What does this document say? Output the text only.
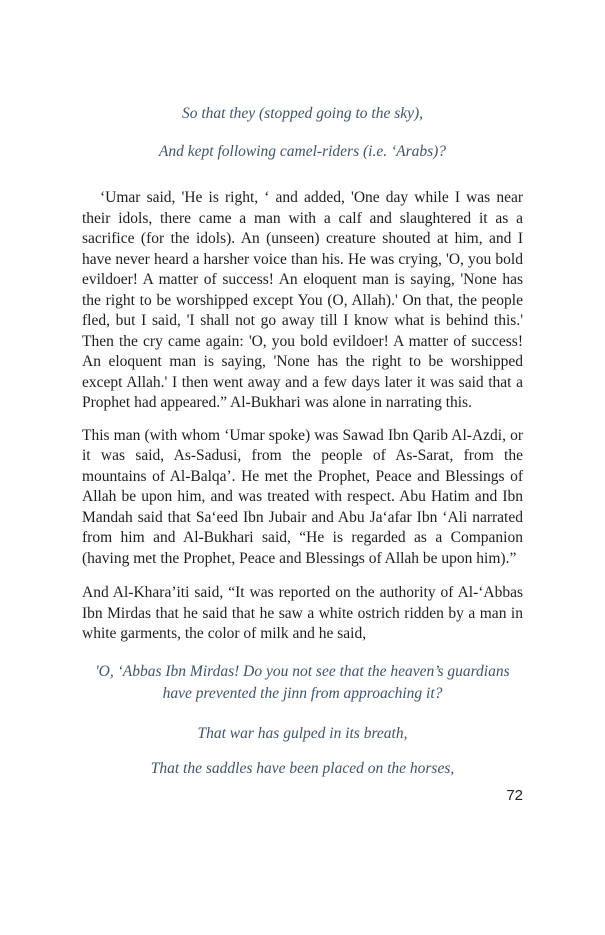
So that they (stopped going to the sky),
And kept following camel-riders (i.e. ‘Arabs)?

‘Umar said, 'He is right, ‘ and added, 'One day while I was near their idols, there came a man with a calf and slaughtered it as a sacrifice (for the idols). An (unseen) creature shouted at him, and I have never heard a harsher voice than his. He was crying, 'O, you bold evildoer! A matter of success! An eloquent man is saying, 'None has the right to be worshipped except You (O, Allah).' On that, the people fled, but I said, 'I shall not go away till I know what is behind this.' Then the cry came again: 'O, you bold evildoer! A matter of success! An eloquent man is saying, 'None has the right to be worshipped except Allah.' I then went away and a few days later it was said that a Prophet had appeared.” Al-Bukhari was alone in narrating this.

This man (with whom ‘Umar spoke) was Sawad Ibn Qarib Al-Azdi, or it was said, As-Sadusi, from the people of As-Sarat, from the mountains of Al-Balqa’. He met the Prophet, Peace and Blessings of Allah be upon him, and was treated with respect. Abu Hatim and Ibn Mandah said that Sa‘eed Ibn Jubair and Abu Ja‘afar Ibn ‘Ali narrated from him and Al-Bukhari said, “He is regarded as a Companion (having met the Prophet, Peace and Blessings of Allah be upon him).”

And Al-Khara’iti said, “It was reported on the authority of Al-‘Abbas Ibn Mirdas that he said that he saw a white ostrich ridden by a man in white garments, the color of milk and he said,

'O, ‘Abbas Ibn Mirdas! Do you not see that the heaven’s guardians have prevented the jinn from approaching it?
That war has gulped in its breath,
That the saddles have been placed on the horses,
72
